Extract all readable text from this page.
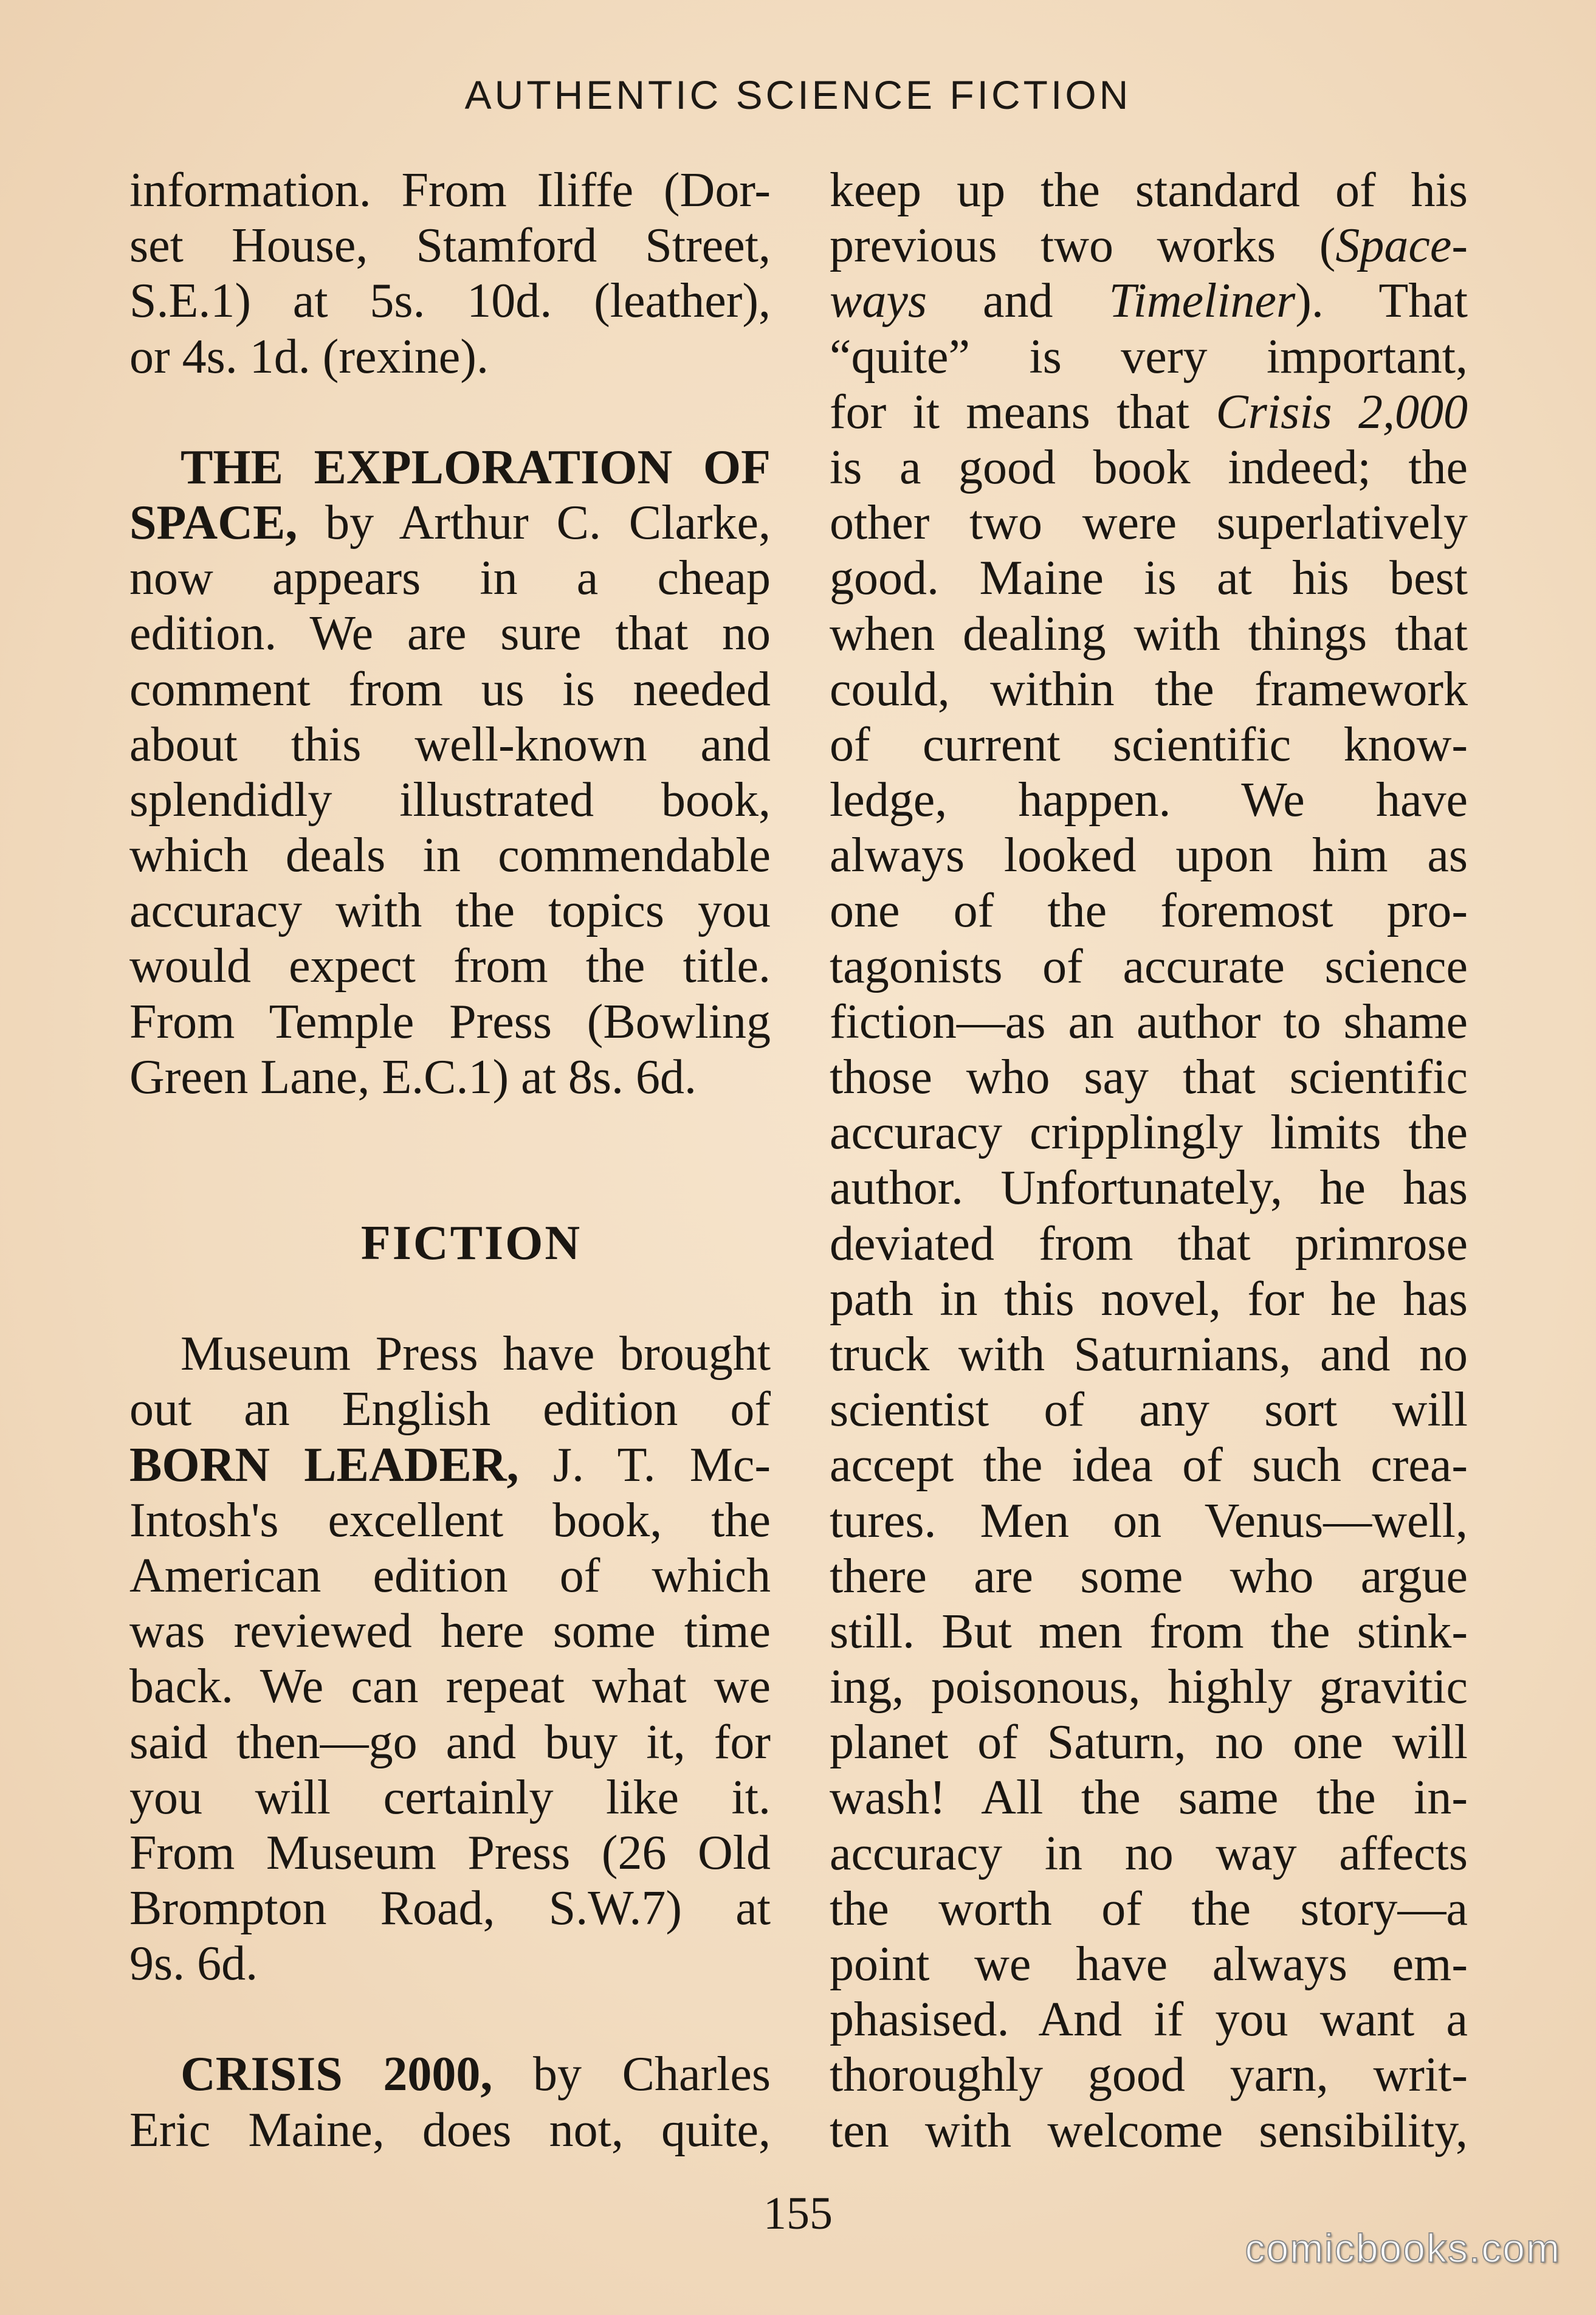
AUTHENTIC SCIENCE FICTION
information. From Iliffe (Dor-
set House, Stamford Street,
S.E.1) at 5s. 10d. (leather),
or 4s. 1d. (rexine).
THE EXPLORATION OF
SPACE, by Arthur C. Clarke,
now appears in a cheap
edition. We are sure that no
comment from us is needed
about this well-known and
splendidly illustrated book,
which deals in commendable
accuracy with the topics you
would expect from the title.
From Temple Press (Bowling
Green Lane, E.C.1) at 8s. 6d.
FICTION
Museum Press have brought
out an English edition of
BORN LEADER, J. T. Mc-
Intosh's excellent book, the
American edition of which
was reviewed here some time
back. We can repeat what we
said then—go and buy it, for
you will certainly like it.
From Museum Press (26 Old
Brompton Road, S.W.7) at
9s. 6d.
CRISIS 2000, by Charles
Eric Maine, does not, quite,
keep up the standard of his
previous two works (Space-
ways and Timeliner). That
“quite” is very important,
for it means that Crisis 2,000
is a good book indeed; the
other two were superlatively
good. Maine is at his best
when dealing with things that
could, within the framework
of current scientific know-
ledge, happen. We have
always looked upon him as
one of the foremost pro-
tagonists of accurate science
fiction—as an author to shame
those who say that scientific
accuracy cripplingly limits the
author. Unfortunately, he has
deviated from that primrose
path in this novel, for he has
truck with Saturnians, and no
scientist of any sort will
accept the idea of such crea-
tures. Men on Venus—well,
there are some who argue
still. But men from the stink-
ing, poisonous, highly gravitic
planet of Saturn, no one will
wash! All the same the in-
accuracy in no way affects
the worth of the story—a
point we have always em-
phasised. And if you want a
thoroughly good yarn, writ-
ten with welcome sensibility,
155
comicbooks.com
